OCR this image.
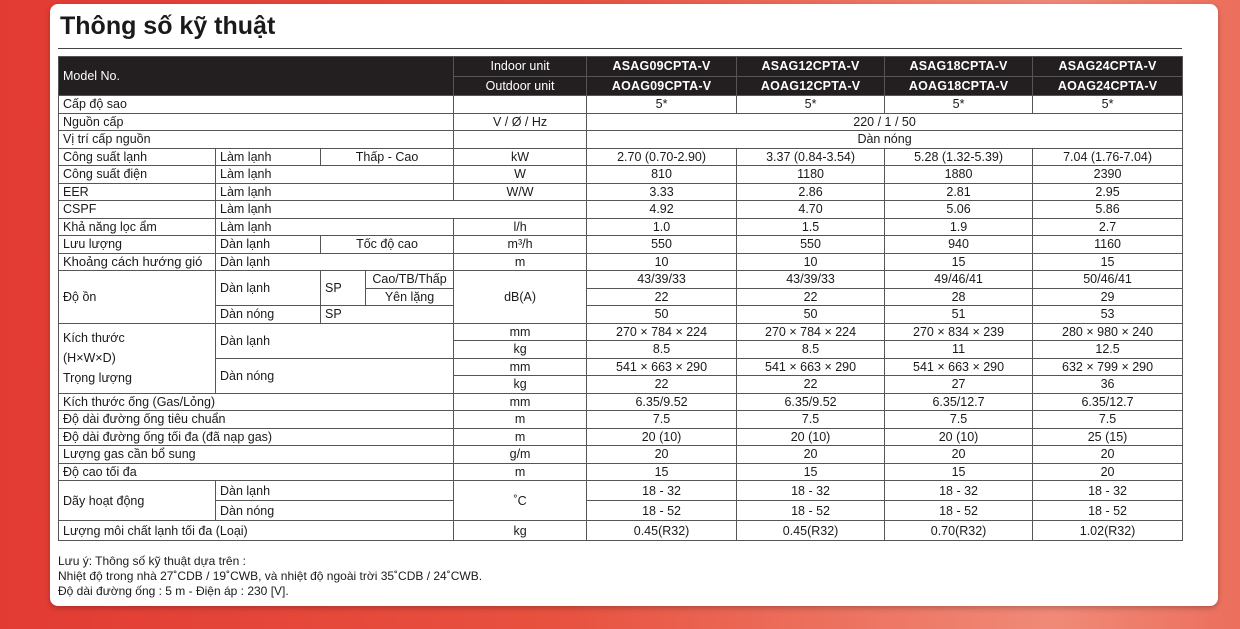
Thông số kỹ thuật
Model No.				Indoor unit	ASAG09CPTA-V	ASAG12CPTA-V	ASAG18CPTA-V	ASAG24CPTA-V
				Outdoor unit	AOAG09CPTA-V	AOAG12CPTA-V	AOAG18CPTA-V	AOAG24CPTA-V
Cấp độ sao					5*	5*	5*	5*
Nguồn cấp				V / Ø / Hz	220 / 1 / 50			
Vị trí cấp nguồn					Dàn nóng			
Công suất lạnh	Làm lạnh	Thấp - Cao		kW	2.70 (0.70-2.90)	3.37 (0.84-3.54)	5.28 (1.32-5.39)	7.04 (1.76-7.04)
Công suất điện	Làm lạnh			W	810	1180	1880	2390
EER	Làm lạnh			W/W	3.33	2.86	2.81	2.95
CSPF	Làm lạnh				4.92	4.70	5.06	5.86
Khả năng lọc ẩm	Làm lạnh			l/h	1.0	1.5	1.9	2.7
Lưu lượng	Dàn lạnh	Tốc độ cao		m³/h	550	550	940	1160
Khoảng cách hướng gió	Dàn lạnh			m	10	10	15	15
Độ ồn	Dàn lạnh	SP	Cao/TB/Thấp	dB(A)	43/39/33	43/39/33	49/46/41	50/46/41
			Yên lặng		22	22	28	29
	Dàn nóng	SP			50	50	51	53

Kích thước
(H×W×D)
Trọng lượng	Dàn lạnh			mm	270 × 784 × 224	270 × 784 × 224	270 × 834 × 239	280 × 980 × 240
				kg	8.5	8.5	11	12.5
	Dàn nóng			mm	541 × 663 × 290	541 × 663 × 290	541 × 663 × 290	632 × 799 × 290
				kg	22	22	27	36
Kích thước ống (Gas/Lỏng)				mm	6.35/9.52	6.35/9.52	6.35/12.7	6.35/12.7
Độ dài đường ống tiêu chuẩn				m	7.5	7.5	7.5	7.5
Độ dài đường ống tối đa (đã nạp gas)				m	20 (10)	20 (10)	20 (10)	25 (15)
Lượng gas cần bổ sung				g/m	20	20	20	20
Độ cao tối đa				m	15	15	15	20
Dãy hoạt động	Dàn lạnh			˚C	18 - 32	18 - 32	18 - 32	18 - 32
	Dàn nóng				18 - 52	18 - 52	18 - 52	18 - 52
Lượng môi chất lạnh tối đa (Loại)				kg	0.45(R32)	0.45(R32)	0.70(R32)	1.02(R32)
Lưu ý: Thông số kỹ thuật dựa trên :
Nhiệt độ trong nhà 27˚CDB / 19˚CWB, và nhiệt độ ngoài trời 35˚CDB / 24˚CWB.
Độ dài đường ống : 5 m - Điện áp : 230 [V].
